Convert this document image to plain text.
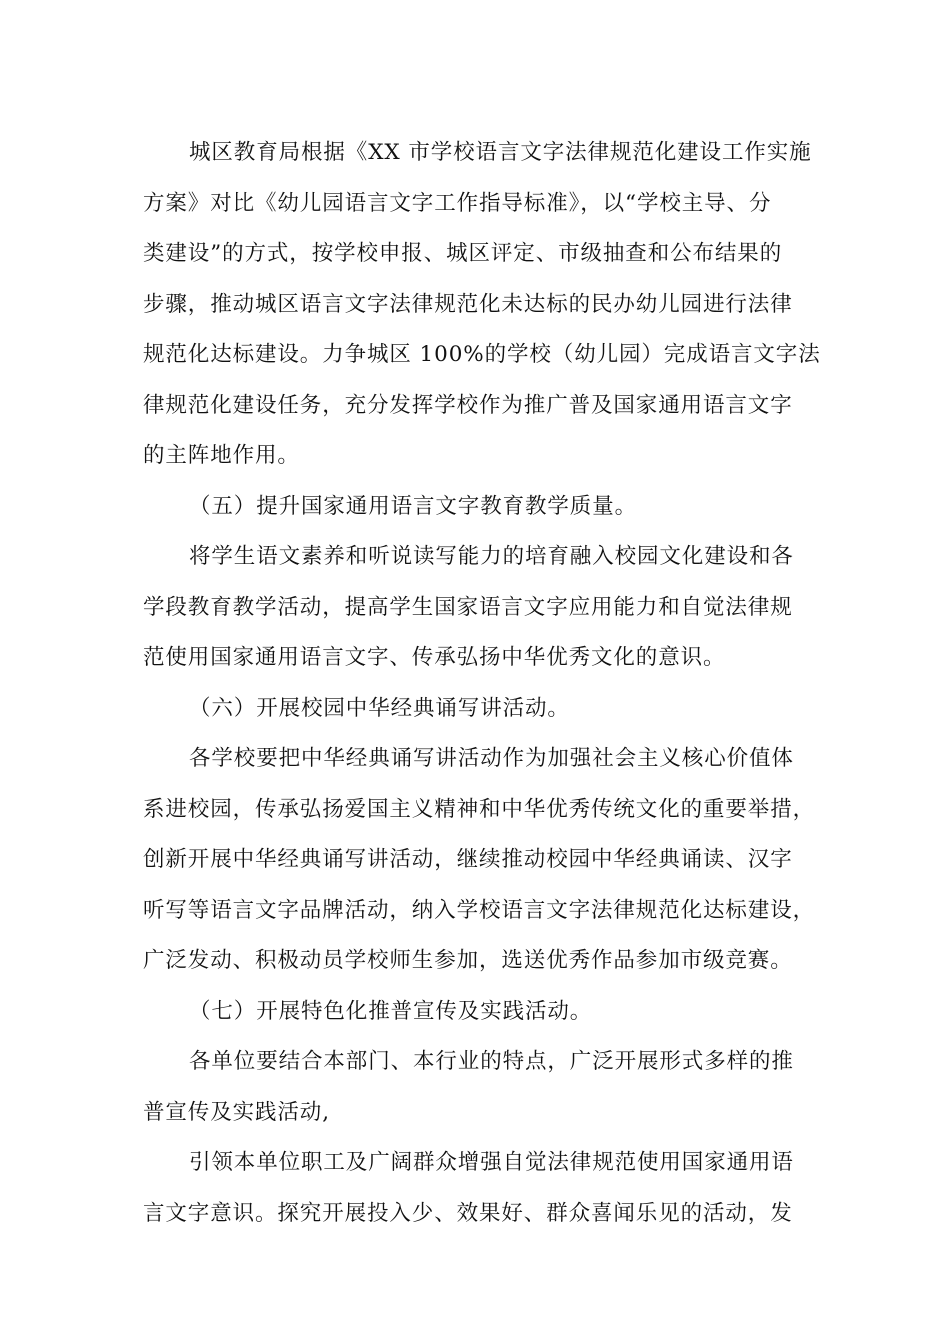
城区教育局根据《XX 市学校语言文字法律规范化建设工作实施
方案》对比《幼儿园语言文字工作指导标准》，以“学校主导、分
类建设”的方式，按学校申报、城区评定、市级抽查和公布结果的
步骤，推动城区语言文字法律规范化未达标的民办幼儿园进行法律
规范化达标建设。力争城区 100%的学校（幼儿园）完成语言文字法
律规范化建设任务，充分发挥学校作为推广普及国家通用语言文字
的主阵地作用。
（五）提升国家通用语言文字教育教学质量。
将学生语文素养和听说读写能力的培育融入校园文化建设和各
学段教育教学活动，提高学生国家语言文字应用能力和自觉法律规
范使用国家通用语言文字、传承弘扬中华优秀文化的意识。
（六）开展校园中华经典诵写讲活动。
各学校要把中华经典诵写讲活动作为加强社会主义核心价值体
系进校园，传承弘扬爱国主义精神和中华优秀传统文化的重要举措，
创新开展中华经典诵写讲活动，继续推动校园中华经典诵读、汉字
听写等语言文字品牌活动，纳入学校语言文字法律规范化达标建设，
广泛发动、积极动员学校师生参加，选送优秀作品参加市级竞赛。
（七）开展特色化推普宣传及实践活动。
各单位要结合本部门、本行业的特点，广泛开展形式多样的推
普宣传及实践活动,
引领本单位职工及广阔群众增强自觉法律规范使用国家通用语
言文字意识。探究开展投入少、效果好、群众喜闻乐见的活动，发
